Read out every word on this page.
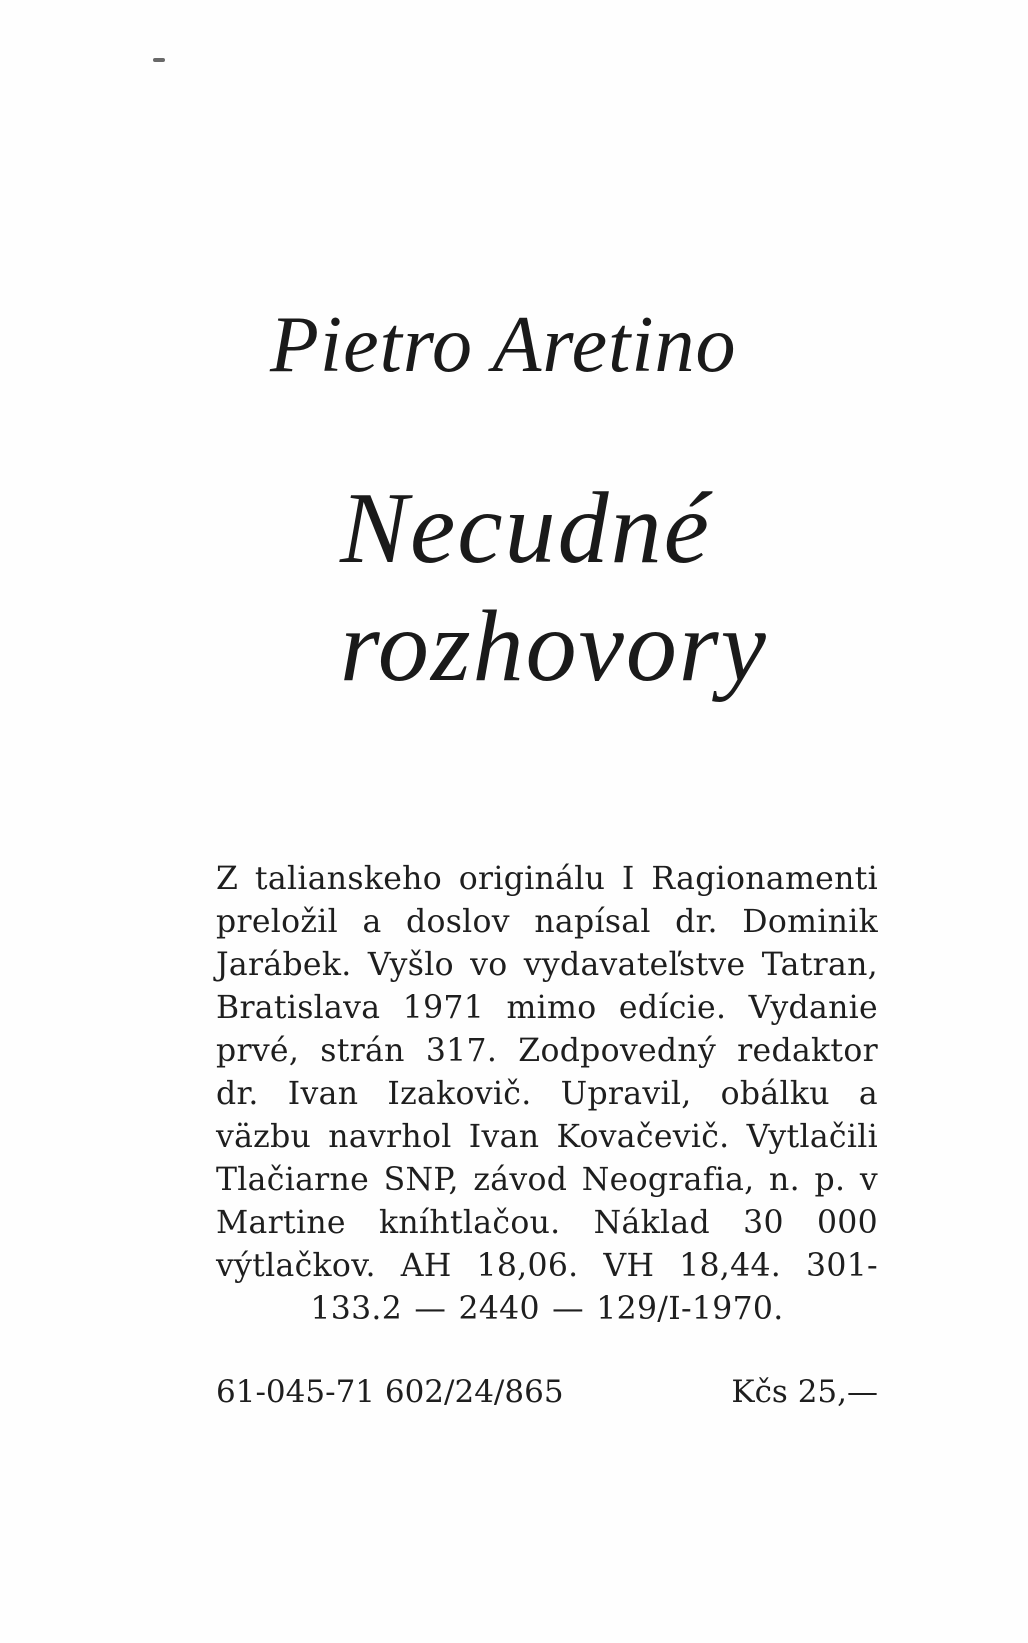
Pietro Aretino
Necudné
rozhovory
Z talianskeho originálu I Ragionamenti preložil a doslov napísal dr. Dominik Jarábek. Vyšlo vo vydavateľstve Tatran, Bratislava 1971 mimo edície. Vydanie prvé, strán 317. Zodpovedný redaktor dr. Ivan Izakovič. Upravil, obálku a väzbu navrhol Ivan Kovačevič. Vytlačili Tlačiarne SNP, závod Neografia, n. p. v Martine kníhtlačou. Náklad 30 000 výtlačkov. AH 18,06. VH 18,44. 301-133.2 — 2440 — 129/I-1970.
61-045-71 602/24/865	Kčs 25,—
